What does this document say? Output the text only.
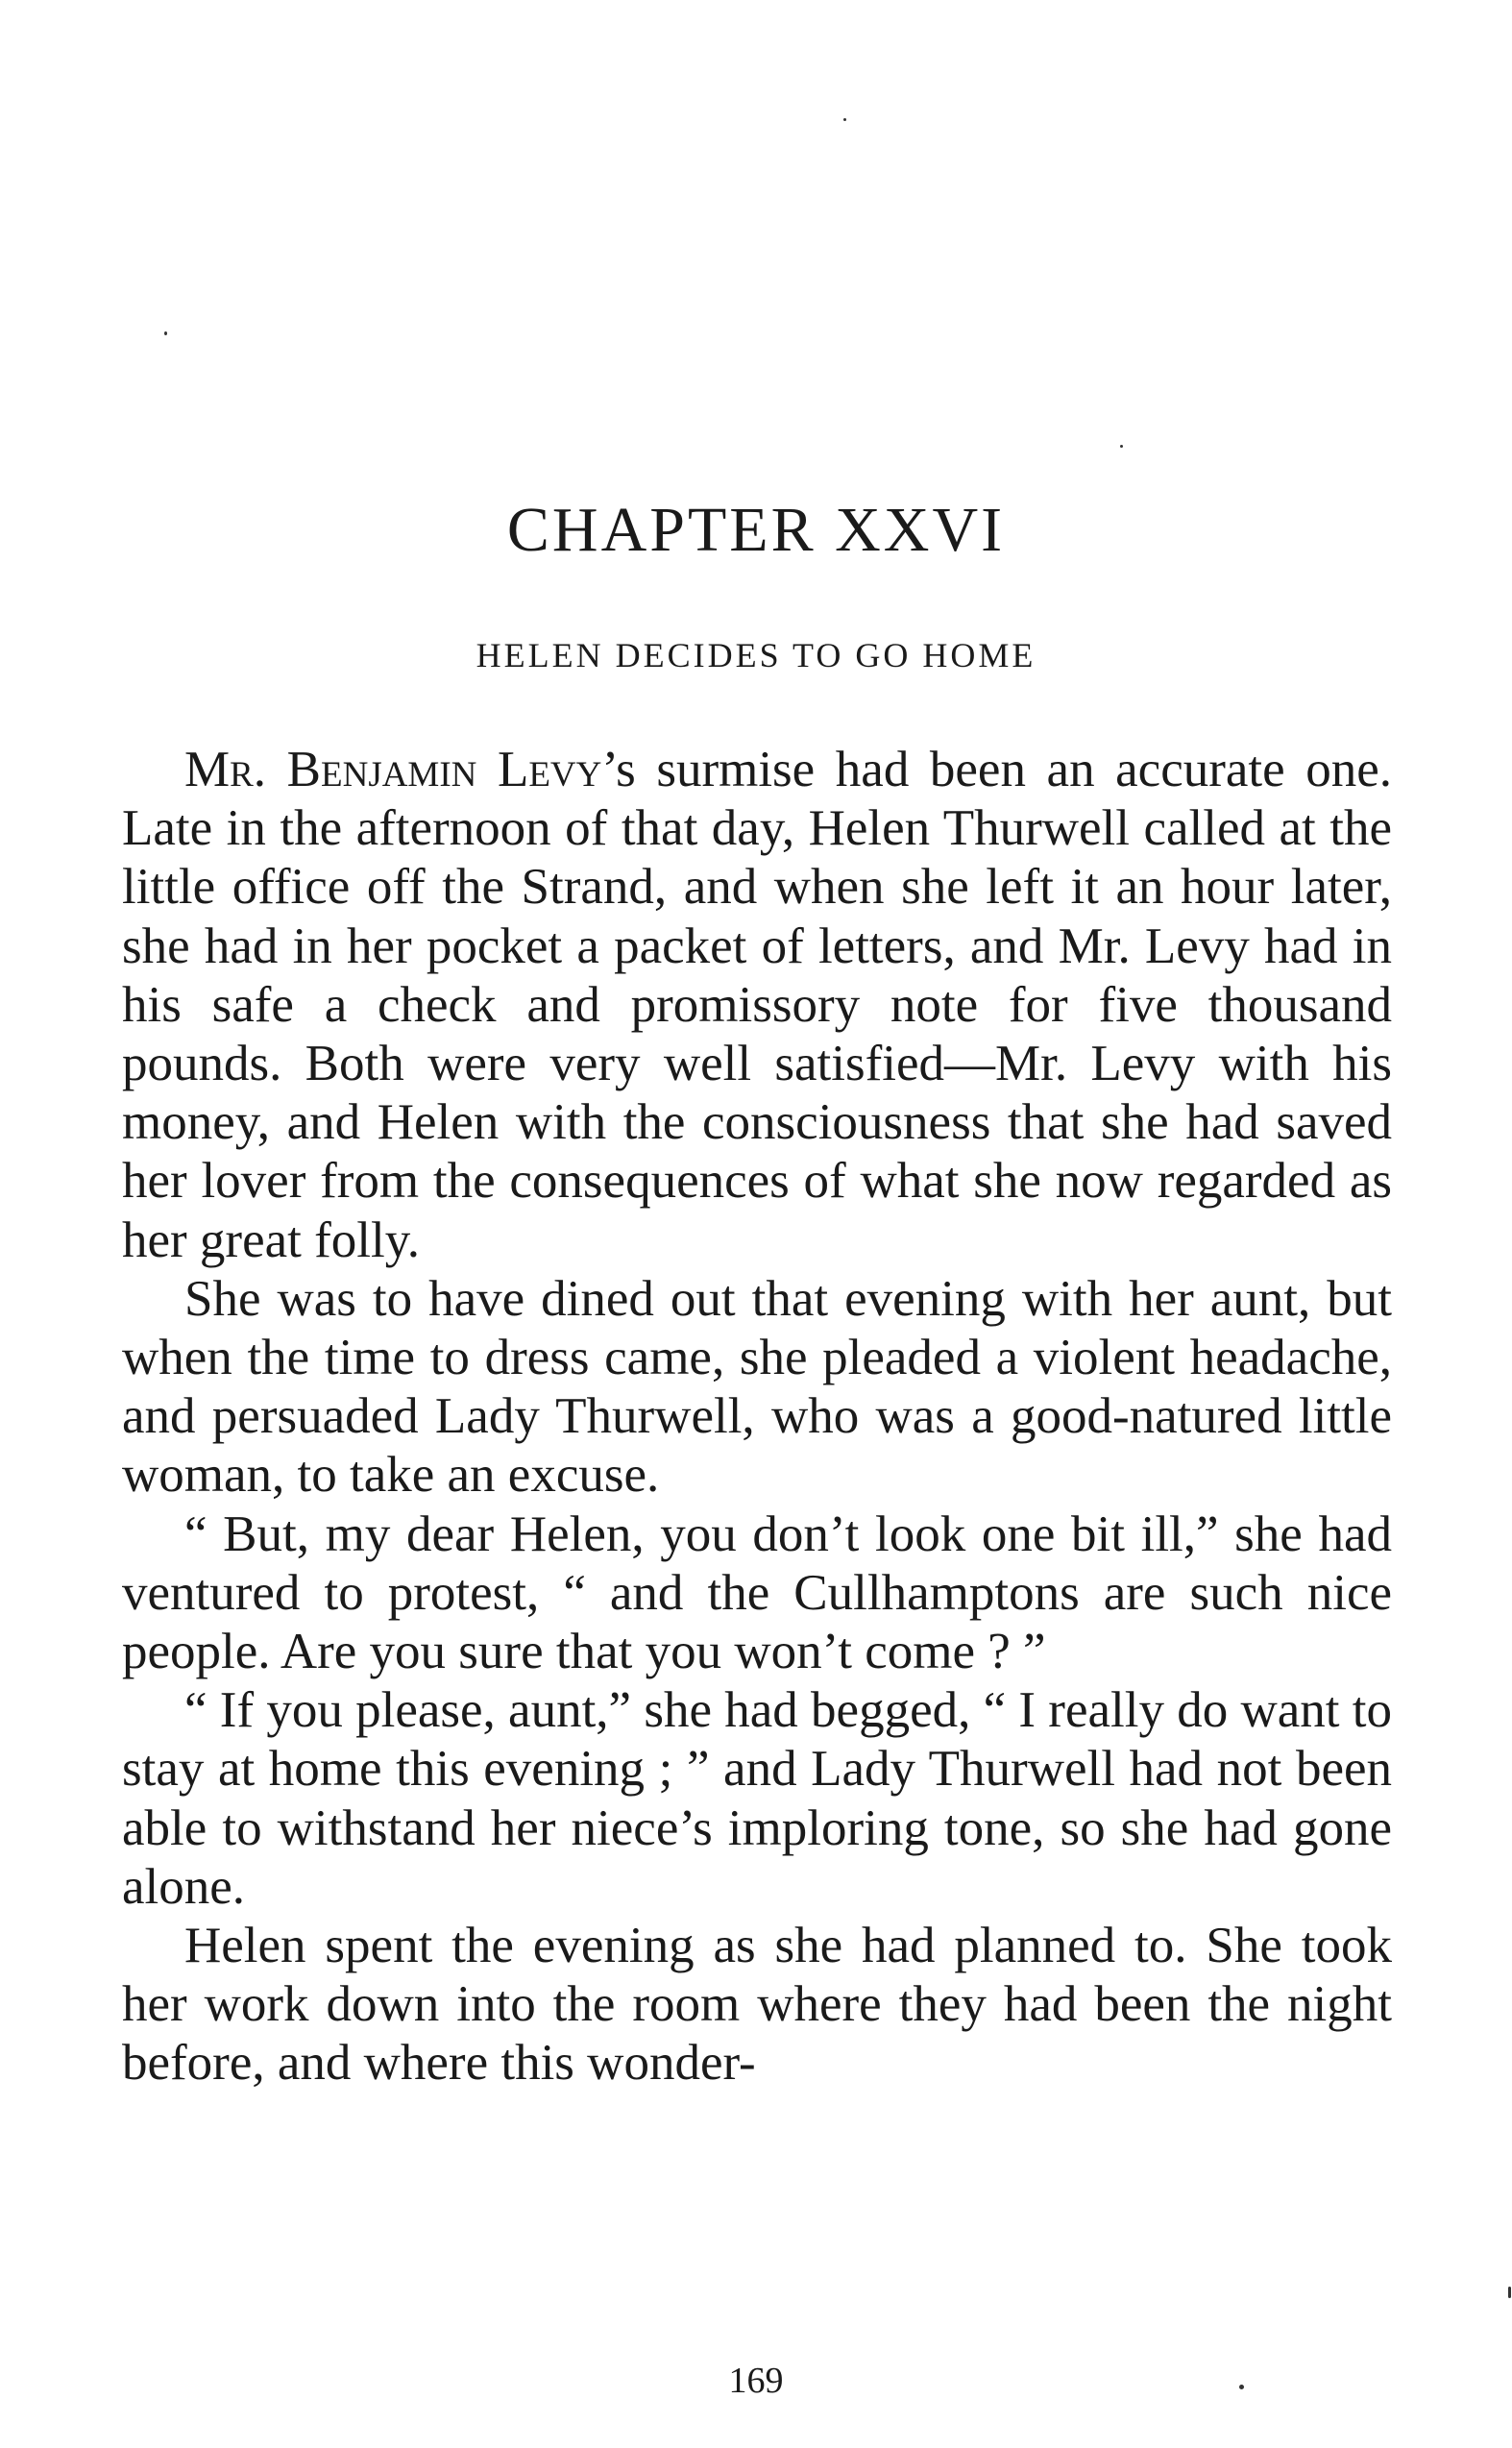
CHAPTER XXVI
HELEN DECIDES TO GO HOME

Mr. Benjamin Levy’s surmise had been an accurate one. Late in the afternoon of that day, Helen Thurwell called at the little office off the Strand, and when she left it an hour later, she had in her pocket a packet of letters, and Mr. Levy had in his safe a check and promissory note for five thousand pounds. Both were very well satisfied—Mr. Levy with his money, and Helen with the consciousness that she had saved her lover from the consequences of what she now regarded as her great folly.

She was to have dined out that evening with her aunt, but when the time to dress came, she pleaded a violent headache, and persuaded Lady Thurwell, who was a good-natured little woman, to take an excuse.

“ But, my dear Helen, you don’t look one bit ill,” she had ventured to protest, “ and the Cullhamptons are such nice people. Are you sure that you won’t come ? ”

“ If you please, aunt,” she had begged, “ I really do want to stay at home this evening ; ” and Lady Thurwell had not been able to withstand her niece’s imploring tone, so she had gone alone.

Helen spent the evening as she had planned to. She took her work down into the room where they had been the night before, and where this wonder-

169
